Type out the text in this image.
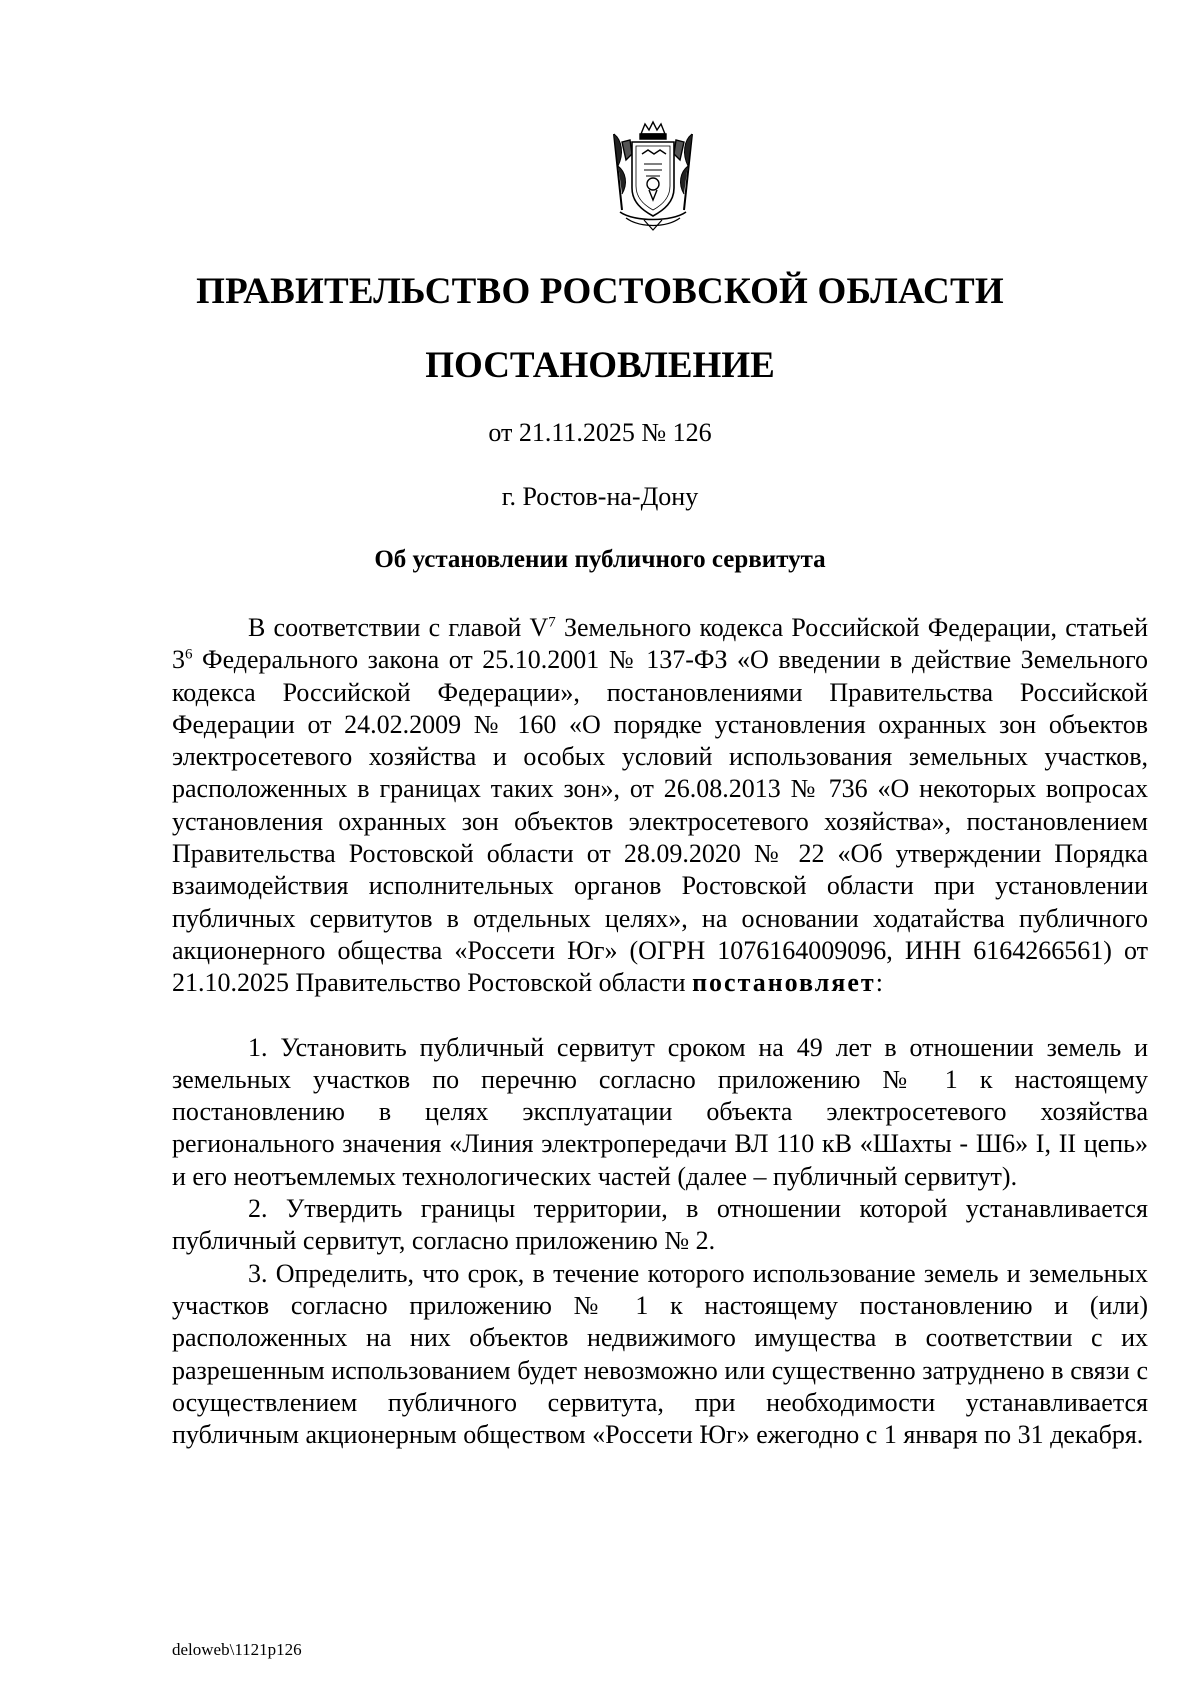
ПРАВИТЕЛЬСТВО РОСТОВСКОЙ ОБЛАСТИ
ПОСТАНОВЛЕНИЕ
от 21.11.2025 № 126
г. Ростов-на-Дону
Об установлении публичного сервитута

В соответствии с главой $V^7$ Земельного кодекса Российской Федерации, статьей $3^6$ Федерального закона от 25.10.2001 № 137-ФЗ «О введении в действие Земельного кодекса Российской Федерации», постановлениями Правительства Российской Федерации от 24.02.2009 № 160 «О порядке установления охранных зон объектов электросетевого хозяйства и особых условий использования земельных участков, расположенных в границах таких зон», от 26.08.2013 № 736 «О некоторых вопросах установления охранных зон объектов электросетевого хозяйства», постановлением Правительства Ростовской области от 28.09.2020 № 22 «Об утверждении Порядка взаимодействия исполнительных органов Ростовской области при установлении публичных сервитутов в отдельных целях», на основании ходатайства публичного акционерного общества «Россети Юг» (ОГРН 1076164009096, ИНН 6164266561) от 21.10.2025 Правительство Ростовской области постановляет:

1. Установить публичный сервитут сроком на 49 лет в отношении земель и земельных участков по перечню согласно приложению № 1 к настоящему постановлению в целях эксплуатации объекта электросетевого хозяйства регионального значения «Линия электропередачи ВЛ 110 кВ «Шахты - Ш6» I, II цепь» и его неотъемлемых технологических частей (далее – публичный сервитут).

2. Утвердить границы территории, в отношении которой устанавливается публичный сервитут, согласно приложению № 2.

3. Определить, что срок, в течение которого использование земель и земельных участков согласно приложению № 1 к настоящему постановлению и (или) расположенных на них объектов недвижимого имущества в соответствии с их разрешенным использованием будет невозможно или существенно затруднено в связи с осуществлением публичного сервитута, при необходимости устанавливается публичным акционерным обществом «Россети Юг» ежегодно с 1 января по 31 декабря.

deloweb\1121p126
